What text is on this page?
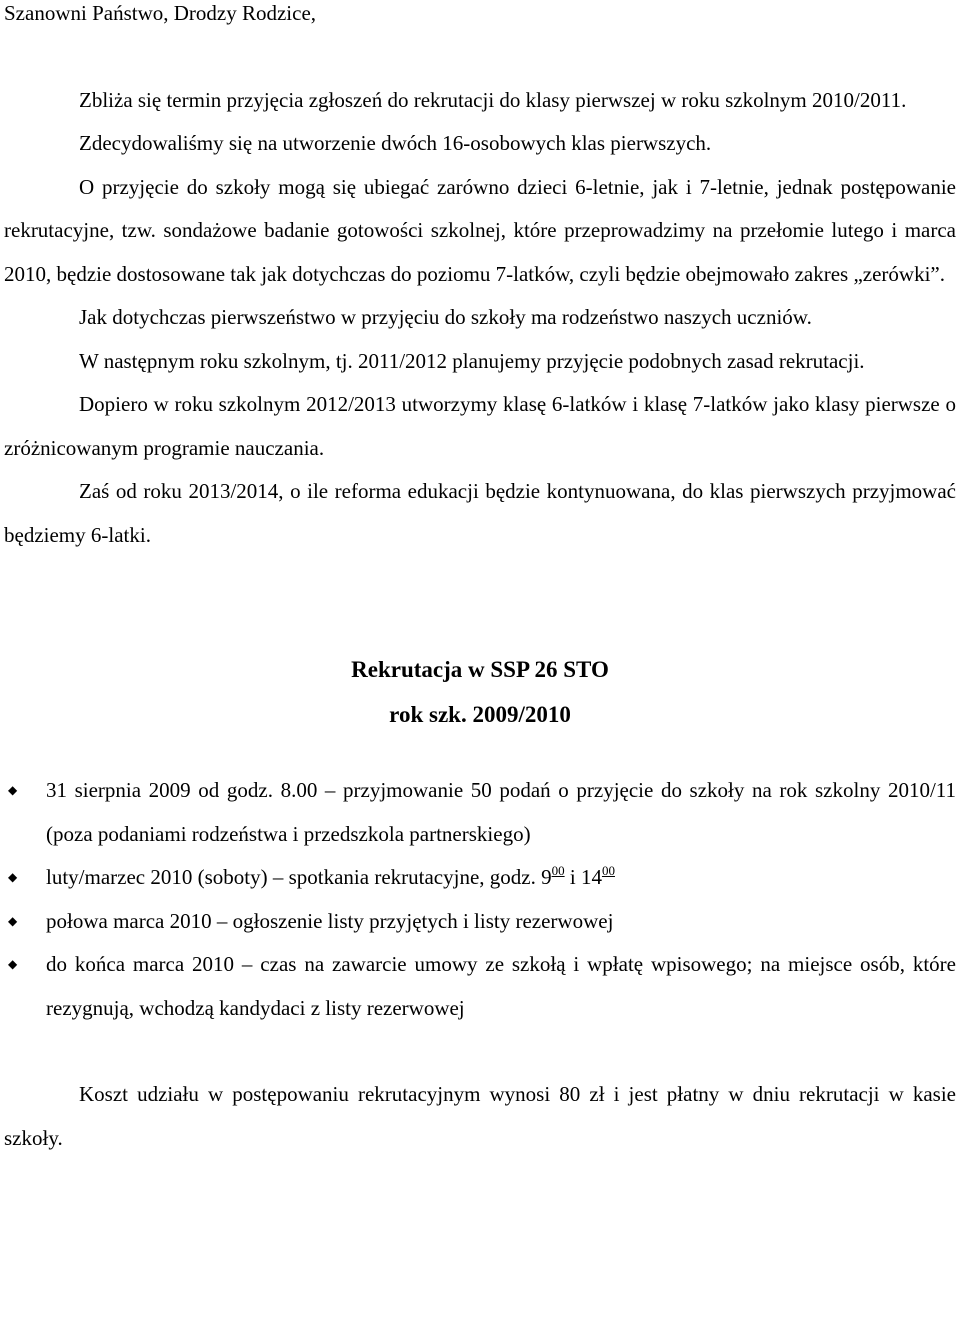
Szanowni Państwo, Drodzy Rodzice,

Zbliża się termin przyjęcia zgłoszeń do rekrutacji do klasy pierwszej w roku szkolnym 2010/2011.

Zdecydowaliśmy się na utworzenie dwóch 16-osobowych klas pierwszych.

O przyjęcie do szkoły mogą się ubiegać zarówno dzieci 6-letnie, jak i 7-letnie, jednak postępowanie rekrutacyjne, tzw. sondażowe badanie gotowości szkolnej, które przeprowadzimy na przełomie lutego i marca 2010, będzie dostosowane tak jak dotychczas do poziomu 7-latków, czyli będzie obejmowało zakres „zerówki”.

Jak dotychczas pierwszeństwo w przyjęciu do szkoły ma rodzeństwo naszych uczniów.

W następnym roku szkolnym, tj. 2011/2012 planujemy przyjęcie podobnych zasad rekrutacji.

Dopiero w roku szkolnym 2012/2013 utworzymy klasę 6-latków i klasę 7-latków jako klasy pierwsze o zróżnicowanym programie nauczania.

Zaś od roku 2013/2014, o ile reforma edukacji będzie kontynuowana, do klas pierwszych przyjmować będziemy 6-latki.

Rekrutacja w SSP 26 STO
rok szk. 2009/2010
◆ 31 sierpnia 2009 od godz. 8.00 – przyjmowanie 50 podań o przyjęcie do szkoły na rok szkolny 2010/11 (poza podaniami rodzeństwa i przedszkola partnerskiego)
◆ luty/marzec 2010 (soboty) – spotkania rekrutacyjne, godz. $9^{00}$ i $14^{00}$
◆ połowa marca 2010 – ogłoszenie listy przyjętych i listy rezerwowej
◆ do końca marca 2010 – czas na zawarcie umowy ze szkołą i wpłatę wpisowego; na miejsce osób, które rezygnują, wchodzą kandydaci z listy rezerwowej

Koszt udziału w postępowaniu rekrutacyjnym wynosi 80 zł i jest płatny w dniu rekrutacji w kasie szkoły.
